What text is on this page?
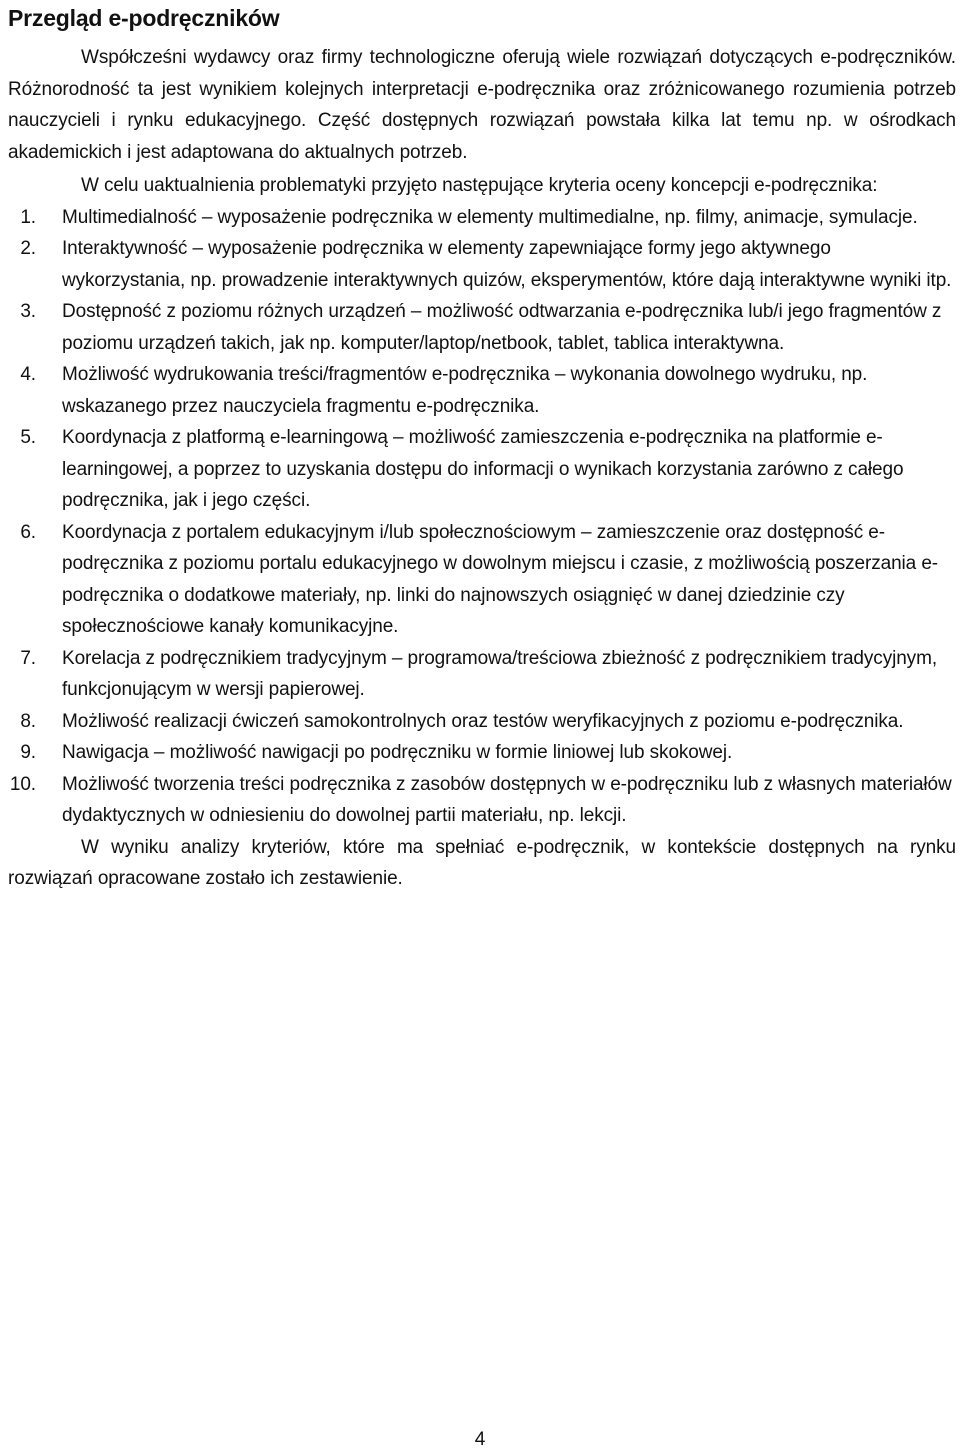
Przegląd e-podręczników

Współcześni wydawcy oraz firmy technologiczne oferują wiele rozwiązań dotyczących e-podręczników. Różnorodność ta jest wynikiem kolejnych interpretacji e-podręcznika oraz zróżnicowanego rozumienia potrzeb nauczycieli i rynku edukacyjnego. Część dostępnych rozwiązań powstała kilka lat temu np. w ośrodkach akademickich i jest adaptowana do aktualnych potrzeb.

W celu uaktualnienia problematyki przyjęto następujące kryteria oceny koncepcji e-podręcznika:

1. Multimedialność – wyposażenie podręcznika w elementy multimedialne, np. filmy, animacje, symulacje.
2. Interaktywność – wyposażenie podręcznika w elementy zapewniające formy jego aktywnego wykorzystania, np. prowadzenie interaktywnych quizów, eksperymentów, które dają interaktywne wyniki itp.
3. Dostępność z poziomu różnych urządzeń – możliwość odtwarzania e-podręcznika lub/i jego fragmentów z poziomu urządzeń takich, jak np. komputer/laptop/netbook, tablet, tablica interaktywna.
4. Możliwość wydrukowania treści/fragmentów e-podręcznika – wykonania dowolnego wydruku, np. wskazanego przez nauczyciela fragmentu e-podręcznika.
5. Koordynacja z platformą e-learningową – możliwość zamieszczenia e-podręcznika na platformie e-learningowej, a poprzez to uzyskania dostępu do informacji o wynikach korzystania zarówno z całego podręcznika, jak i jego części.
6. Koordynacja z portalem edukacyjnym i/lub społecznościowym – zamieszczenie oraz dostępność e-podręcznika z poziomu portalu edukacyjnego w dowolnym miejscu i czasie, z możliwością poszerzania e-podręcznika o dodatkowe materiały, np. linki do najnowszych osiągnięć w danej dziedzinie czy społecznościowe kanały komunikacyjne.
7. Korelacja z podręcznikiem tradycyjnym – programowa/treściowa zbieżność z podręcznikiem tradycyjnym, funkcjonującym w wersji papierowej.
8. Możliwość realizacji ćwiczeń samokontrolnych oraz testów weryfikacyjnych z poziomu e-podręcznika.
9. Nawigacja – możliwość nawigacji po podręczniku w formie liniowej lub skokowej.
10. Możliwość tworzenia treści podręcznika z zasobów dostępnych w e-podręczniku lub z własnych materiałów dydaktycznych w odniesieniu do dowolnej partii materiału, np. lekcji.

W wyniku analizy kryteriów, które ma spełniać e-podręcznik, w kontekście dostępnych na rynku rozwiązań opracowane zostało ich zestawienie.

4
